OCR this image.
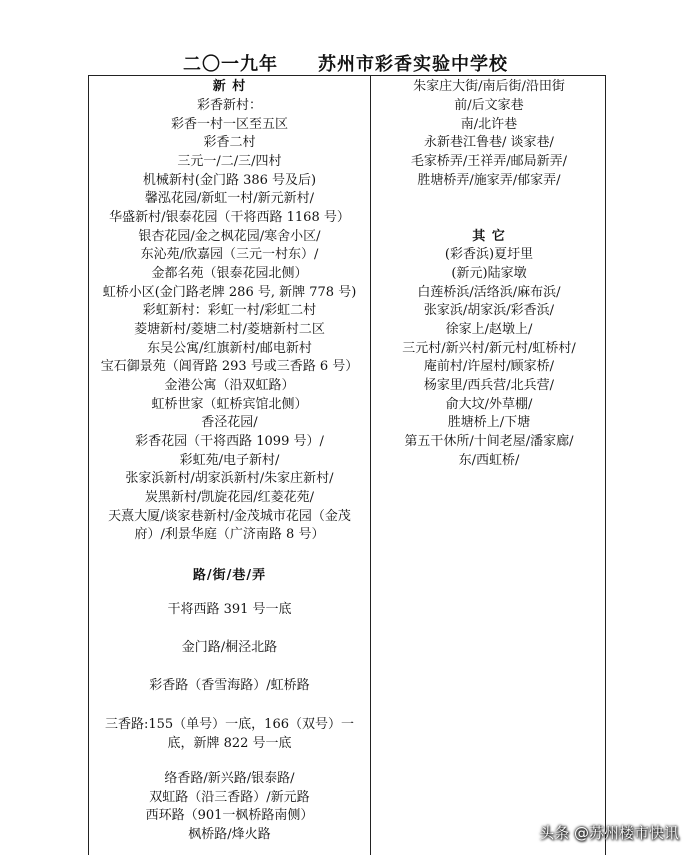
二〇一九年 苏州市彩香实验中学校
新 村
彩香新村：
彩香一村一区至五区
彩香二村
三元一/二/三/四村
机械新村(金门路 386 号及后)
馨泓花园/新虹一村/新元新村/
华盛新村/银泰花园（干将西路 1168 号）
银杏花园/金之枫花园/寒舍小区/
东沁苑/欣嘉园（三元一村东）/
金都名苑（银泰花园北侧）
虹桥小区(金门路老牌 286 号, 新牌 778 号)
彩虹新村：彩虹一村/彩虹二村
菱塘新村/菱塘二村/菱塘新村二区
东吴公寓/红旗新村/邮电新村
宝石御景苑（阊胥路 293 号或三香路 6 号）
金港公寓（沿双虹路）
虹桥世家（虹桥宾馆北侧）
香泾花园/
彩香花园（干将西路 1099 号）/
彩虹苑/电子新村/
张家浜新村/胡家浜新村/朱家庄新村/
炭黑新村/凯旋花园/红菱花苑/
天熹大厦/谈家巷新村/金茂城市花园（金茂
府）/利景华庭（广济南路 8 号）
路/街/巷/弄
干将西路 391 号一底
金门路/桐泾北路
彩香路（香雪海路）/虹桥路
三香路:155（单号）一底，166（双号）一
底，新牌 822 号一底
络香路/新兴路/银泰路/
双虹路（沿三香路）/新元路
西环路（901一枫桥路南侧）
枫桥路/烽火路
朱家庄大街/南后街/沿田街
前/后文家巷
南/北许巷
永新巷江鲁巷/ 谈家巷/
毛家桥弄/王祥弄/邮局新弄/
胜塘桥弄/施家弄/郁家弄/
其 它
(彩香浜)夏圩里
(新元)陆家墩
白莲桥浜/活络浜/麻布浜/
张家浜/胡家浜/彩香浜/
徐家上/赵墩上/
三元村/新兴村/新元村/虹桥村/
庵前村/许屋村/顾家桥/
杨家里/西兵营/北兵营/
俞大坟/外草棚/
胜塘桥上/下塘
第五干休所/十间老屋/潘家廊/
东/西虹桥/
头条 @苏州楼市快讯
